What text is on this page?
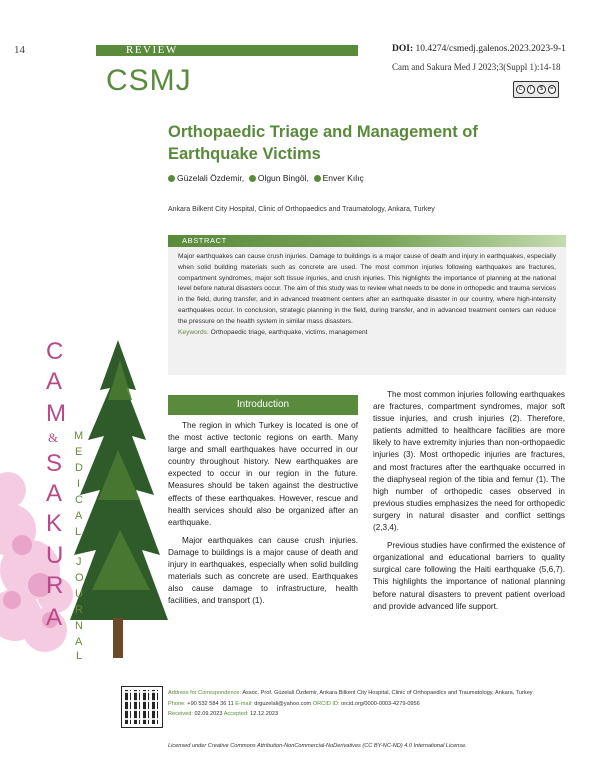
14	REVIEW	DOI: 10.4274/csmedj.galenos.2023.2023-9-1
CSMJ	Cam and Sakura Med J 2023;3(Suppl 1):14-18
c	i	$	=
Orthopaedic Triage and Management of Earthquake Victims
Güzelali Özdemir, Olgun Bingöl, Enver Kılıç
Ankara Bilkent City Hospital, Clinic of Orthopaedics and Traumatology, Ankara, Turkey
ABSTRACT
Major earthquakes can cause crush injuries. Damage to buildings is a major cause of death and injury in earthquakes, especially when solid building materials such as concrete are used. The most common injuries following earthquakes are fractures, compartment syndromes, major soft tissue injuries, and crush injuries. This highlights the importance of planning at the national level before natural disasters occur. The aim of this study was to review what needs to be done in orthopedic and trauma services in the field, during transfer, and in advanced treatment centers after an earthquake disaster in our country, where high-intensity earthquakes occur. In conclusion, strategic planning in the field, during transfer, and in advanced treatment centers can reduce the pressure on the health system in similar mass disasters.
Keywords: Orthopaedic triage, earthquake, victims, management
C
A
M
&
S
A
K
U
R
A
M
E
D
I
C
A
L
J
O
U
R
N
A
L
Introduction

The region in which Turkey is located is one of the most active tectonic regions on earth. Many large and small earthquakes have occurred in our country throughout history. New earthquakes are expected to occur in our region in the future. Measures should be taken against the destructive effects of these earthquakes. However, rescue and health services should also be organized after an earthquake.

Major earthquakes can cause crush injuries. Damage to buildings is a major cause of death and injury in earthquakes, especially when solid building materials such as concrete are used. Earthquakes also cause damage to infrastructure, health facilities, and transport (1).

The most common injuries following earthquakes are fractures, compartment syndromes, major soft tissue injuries, and crush injuries (2). Therefore, patients admitted to healthcare facilities are more likely to have extremity injuries than non-orthopaedic injuries (3). Most orthopedic injuries are fractures, and most fractures after the earthquake occurred in the diaphyseal region of the tibia and femur (1). The high number of orthopedic cases observed in previous studies emphasizes the need for orthopedic surgery in natural disaster and conflict settings (2,3,4).

Previous studies have confirmed the existence of organizational and educational barriers to quality surgical care following the Haiti earthquake (5,6,7). This highlights the importance of national planning before natural disasters to prevent patient overload and provide advanced life support.

Address for Correspondence: Assoc. Prof. Güzelali Özdemir, Ankara Bilkent City Hospital, Clinic of Orthopaedics and Traumatology, Ankara, Turkey
Phone: +90 532 584 36 11 E-mail: drguzelali@yahoo.com ORCID ID: orcid.org/0000-0003-4279-0956
Received: 02.09.2023 Accepted: 12.12.2023
Licensed under Creative Commons Attribution-NonCommercial-NoDerivatives (CC BY-NC-ND) 4.0 International License.
